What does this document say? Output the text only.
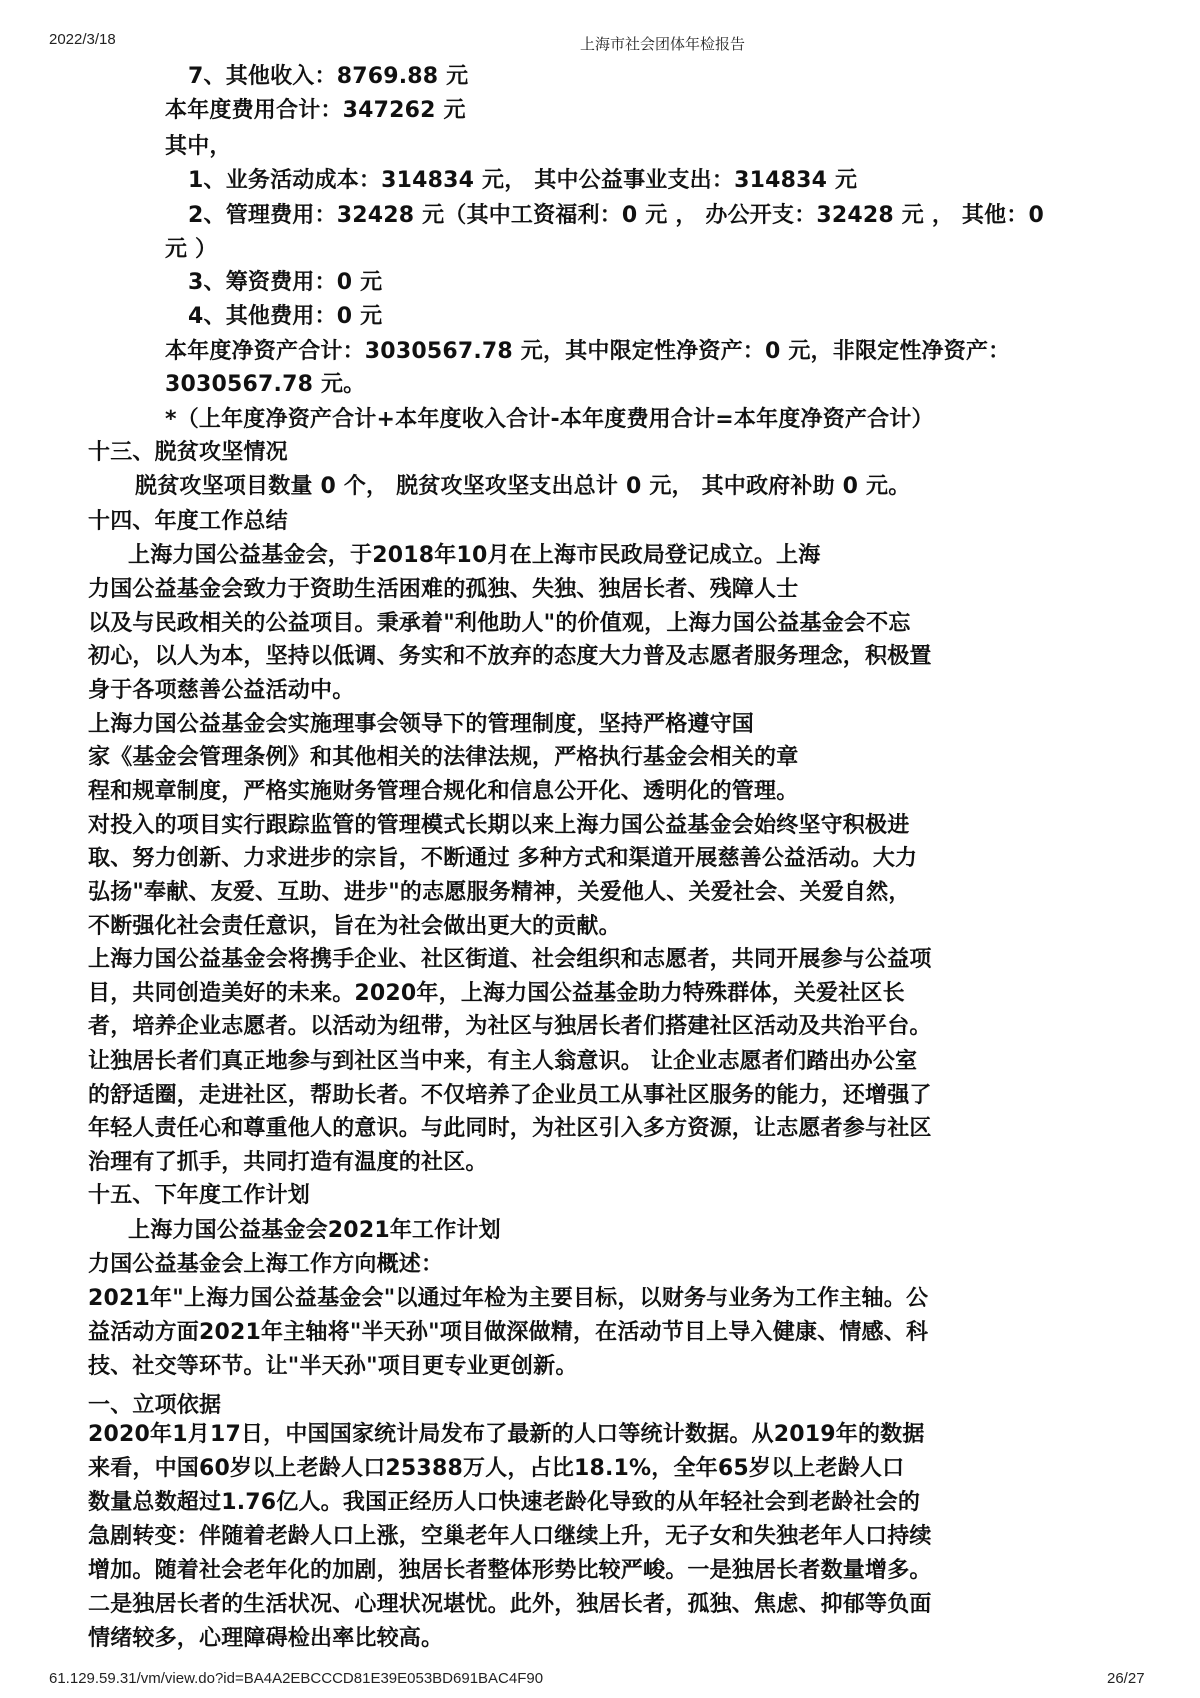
2022/3/18	上海市社会团体年检报告
7、其他收入：8769.88 元
本年度费用合计：347262 元
其中，
1、业务活动成本：314834 元， 其中公益事业支出：314834 元
2、管理费用：32428 元（其中工资福利：0 元 ， 办公开支：32428 元 ， 其他：0
元 ）
3、筹资费用：0 元
4、其他费用：0 元
本年度净资产合计：3030567.78 元，其中限定性净资产：0 元，非限定性净资产：
3030567.78 元。
*（上年度净资产合计+本年度收入合计-本年度费用合计=本年度净资产合计）
十三、脱贫攻坚情况
脱贫攻坚项目数量 0 个， 脱贫攻坚攻坚支出总计 0 元， 其中政府补助 0 元。
十四、年度工作总结
上海力国公益基金会，于2018年10月在上海市民政局登记成立。上海
力国公益基金会致力于资助生活困难的孤独、失独、独居长者、残障人士
以及与民政相关的公益项目。秉承着"利他助人"的价值观，上海力国公益基金会不忘
初心，以人为本，坚持以低调、务实和不放弃的态度大力普及志愿者服务理念，积极置
身于各项慈善公益活动中。
上海力国公益基金会实施理事会领导下的管理制度，坚持严格遵守国
家《基金会管理条例》和其他相关的法律法规，严格执行基金会相关的章
程和规章制度，严格实施财务管理合规化和信息公开化、透明化的管理。
对投入的项目实行跟踪监管的管理模式长期以来上海力国公益基金会始终坚守积极进
取、努力创新、力求进步的宗旨，不断通过 多种方式和渠道开展慈善公益活动。大力
弘扬"奉献、友爱、互助、进步"的志愿服务精神，关爱他人、关爱社会、关爱自然，
不断强化社会责任意识，旨在为社会做出更大的贡献。
上海力国公益基金会将携手企业、社区街道、社会组织和志愿者，共同开展参与公益项
目，共同创造美好的未来。2020年，上海力国公益基金助力特殊群体，关爱社区长
者，培养企业志愿者。以活动为纽带，为社区与独居长者们搭建社区活动及共治平台。
让独居长者们真正地参与到社区当中来，有主人翁意识。 让企业志愿者们踏出办公室
的舒适圈，走进社区，帮助长者。不仅培养了企业员工从事社区服务的能力，还增强了
年轻人责任心和尊重他人的意识。与此同时，为社区引入多方资源，让志愿者参与社区
治理有了抓手，共同打造有温度的社区。
十五、下年度工作计划
上海力国公益基金会2021年工作计划
力国公益基金会上海工作方向概述：
2021年"上海力国公益基金会"以通过年检为主要目标，以财务与业务为工作主轴。公
益活动方面2021年主轴将"半天孙"项目做深做精，在活动节目上导入健康、情感、科
技、社交等环节。让"半天孙"项目更专业更创新。
一、立项依据
2020年1月17日，中国国家统计局发布了最新的人口等统计数据。从2019年的数据
来看，中国60岁以上老龄人口25388万人，占比18.1%，全年65岁以上老龄人口
数量总数超过1.76亿人。我国正经历人口快速老龄化导致的从年轻社会到老龄社会的
急剧转变：伴随着老龄人口上涨，空巢老年人口继续上升，无子女和失独老年人口持续
增加。随着社会老年化的加剧，独居长者整体形势比较严峻。一是独居长者数量增多。
二是独居长者的生活状况、心理状况堪忧。此外，独居长者，孤独、焦虑、抑郁等负面
情绪较多，心理障碍检出率比较高。
61.129.59.31/vm/view.do?id=BA4A2EBCCCD81E39E053BD691BAC4F90	26/27
